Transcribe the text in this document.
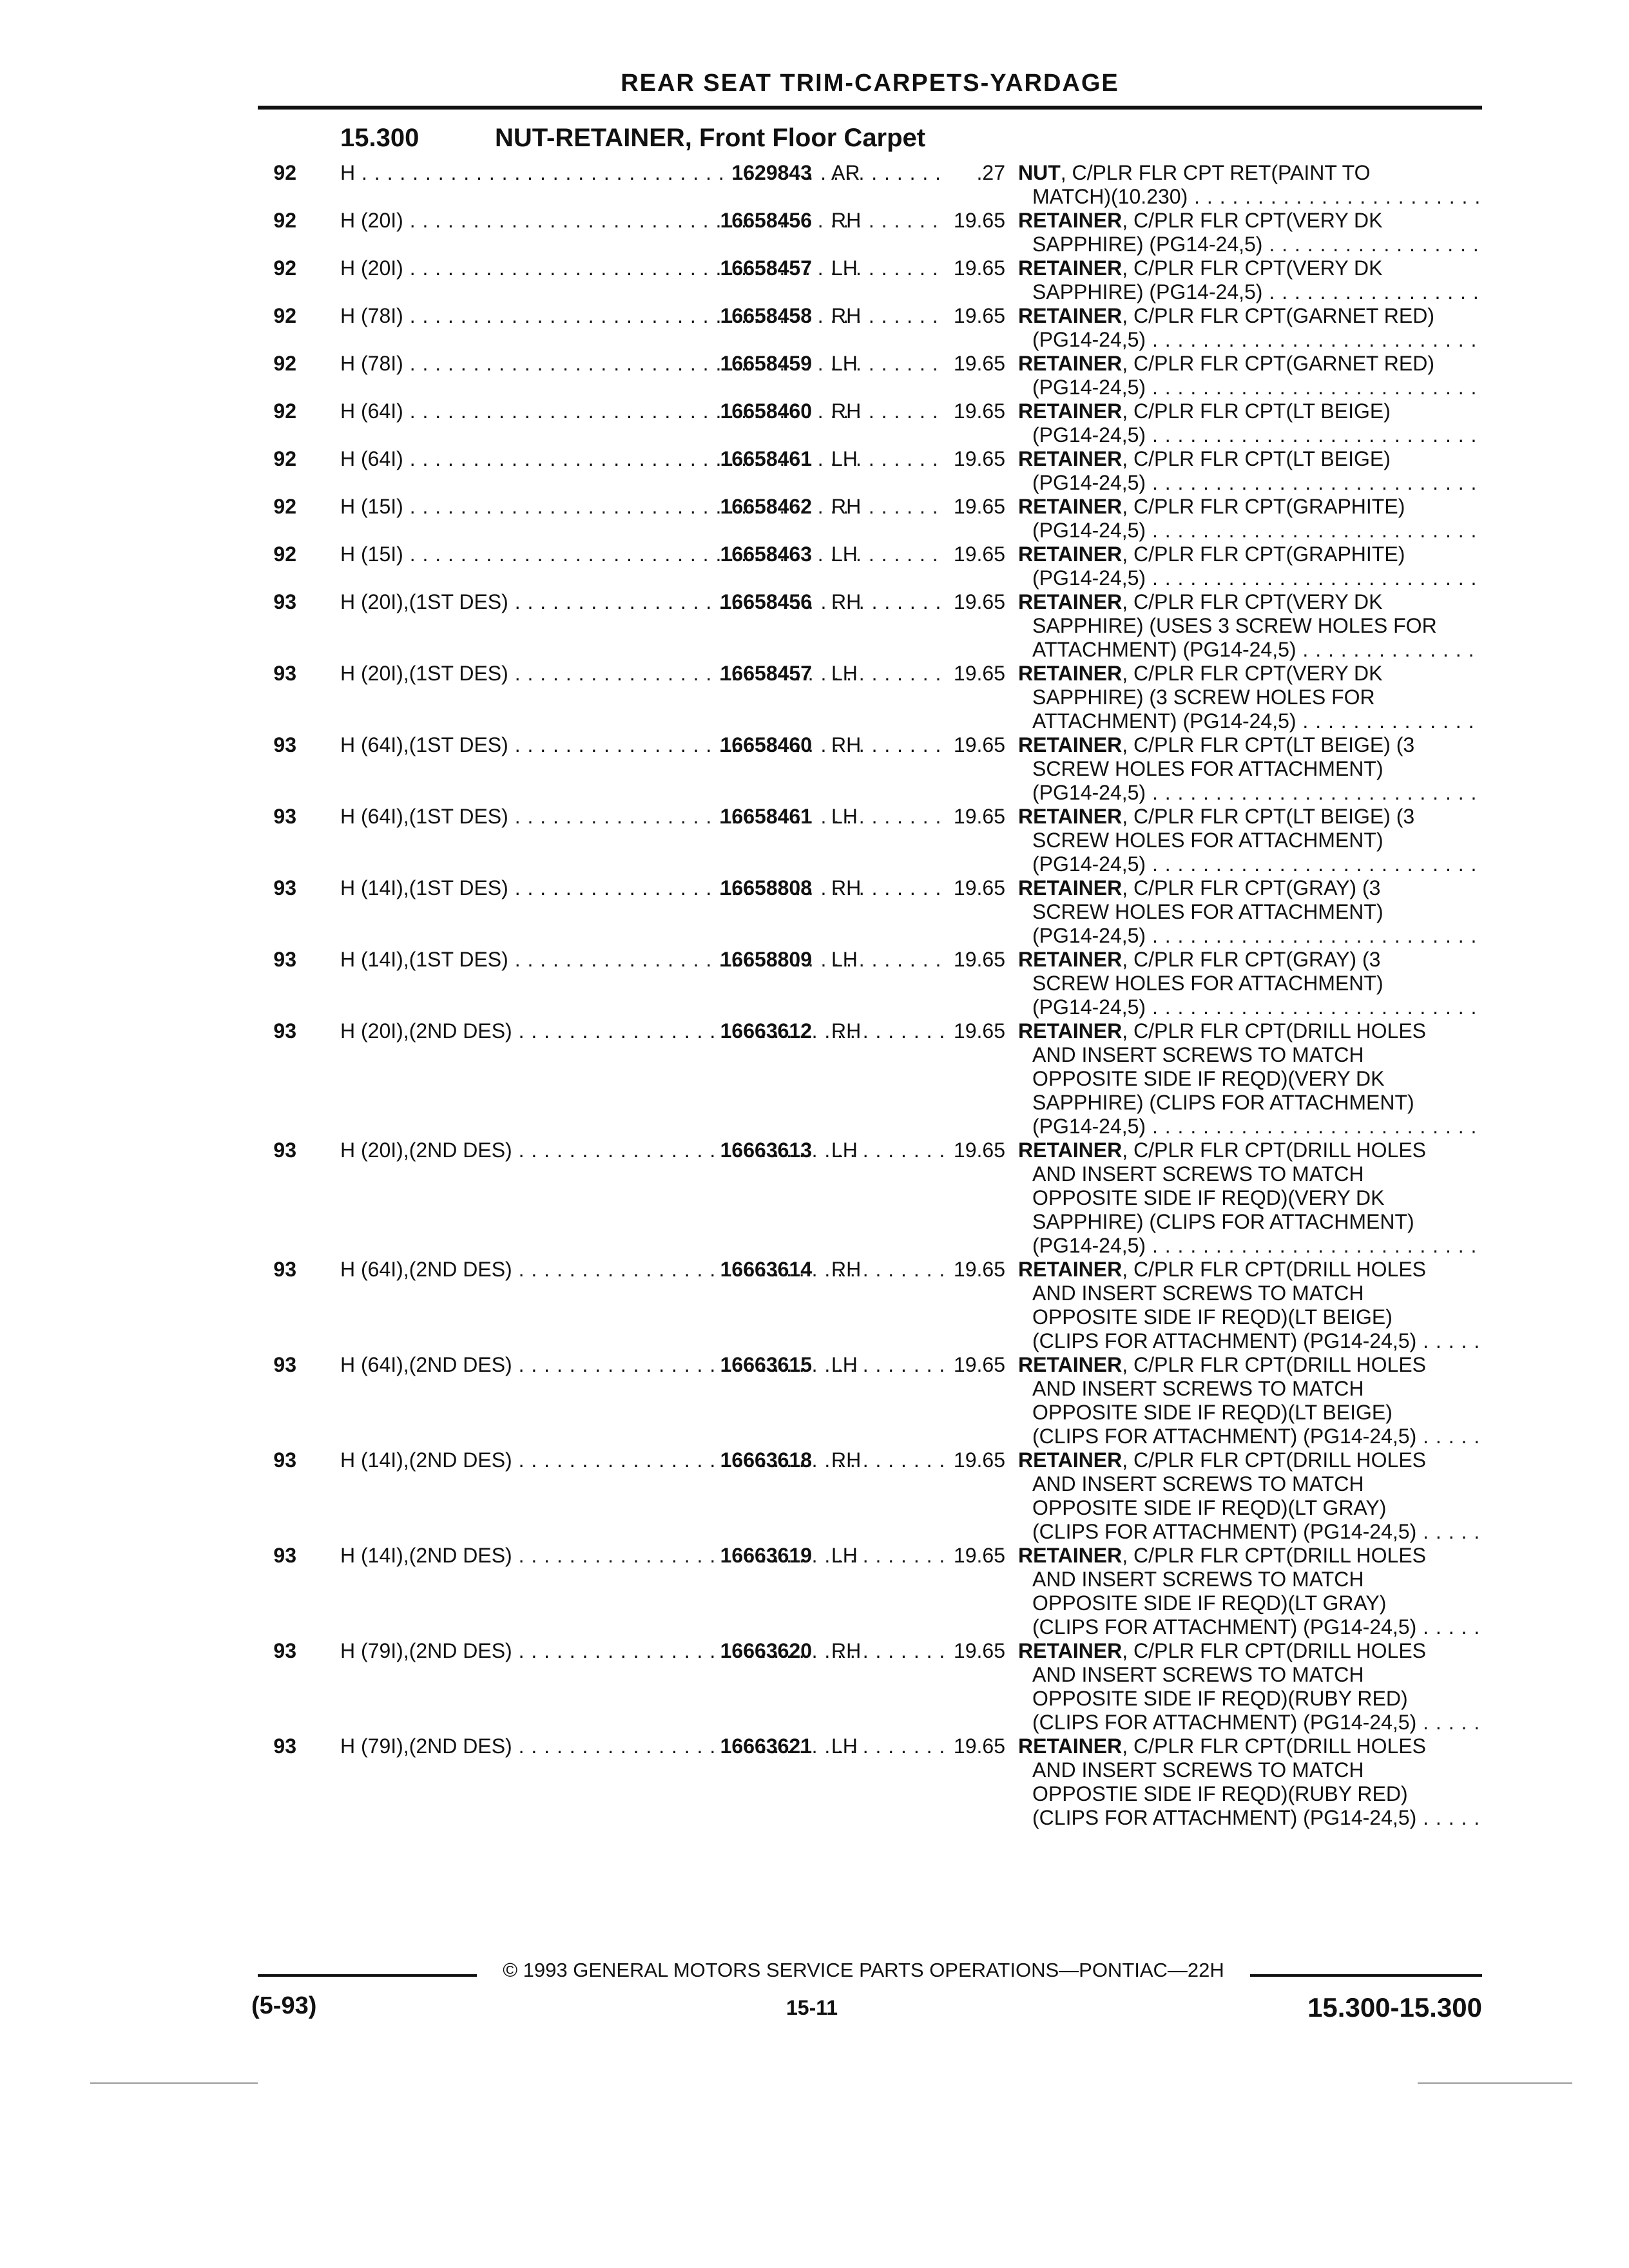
REAR SEAT TRIM-CARPETS-YARDAGE
15.300	NUT-RETAINER, Front Floor Carpet
92 H . . .	1629843 AR	.27 NUT, C/PLR FLR CPT RET(PAINT TO
MATCH)(10.230) . . .
92 H (20I) . . .	16658456 RH	19.65 RETAINER, C/PLR FLR CPT(VERY DK
SAPPHIRE) (PG14-24,5) . . .
92 H (20I) . . .	16658457 LH	19.65 RETAINER, C/PLR FLR CPT(VERY DK
SAPPHIRE) (PG14-24,5) . . .
92 H (78I) . . .	16658458 RH	19.65 RETAINER, C/PLR FLR CPT(GARNET RED)
(PG14-24,5) . . .
92 H (78I) . . .	16658459 LH	19.65 RETAINER, C/PLR FLR CPT(GARNET RED)
(PG14-24,5) . . .
92 H (64I) . . .	16658460 RH	19.65 RETAINER, C/PLR FLR CPT(LT BEIGE)
(PG14-24,5) . . .
92 H (64I) . . .	16658461 LH	19.65 RETAINER, C/PLR FLR CPT(LT BEIGE)
(PG14-24,5) . . .
92 H (15I) . . .	16658462 RH	19.65 RETAINER, C/PLR FLR CPT(GRAPHITE)
(PG14-24,5) . . .
92 H (15I) . . .	16658463 LH	19.65 RETAINER, C/PLR FLR CPT(GRAPHITE)
(PG14-24,5) . . .
93 H (20I),(1ST DES) . . .	16658456 RH	19.65 RETAINER, C/PLR FLR CPT(VERY DK
SAPPHIRE) (USES 3 SCREW HOLES FOR
ATTACHMENT) (PG14-24,5) . . .
93 H (20I),(1ST DES) . . .	16658457 LH	19.65 RETAINER, C/PLR FLR CPT(VERY DK
SAPPHIRE) (3 SCREW HOLES FOR
ATTACHMENT) (PG14-24,5) . . .
93 H (64I),(1ST DES) . . .	16658460 RH	19.65 RETAINER, C/PLR FLR CPT(LT BEIGE) (3
SCREW HOLES FOR ATTACHMENT)
(PG14-24,5) . . .
93 H (64I),(1ST DES) . . .	16658461 LH	19.65 RETAINER, C/PLR FLR CPT(LT BEIGE) (3
SCREW HOLES FOR ATTACHMENT)
(PG14-24,5) . . .
93 H (14I),(1ST DES) . . .	16658808 RH	19.65 RETAINER, C/PLR FLR CPT(GRAY) (3
SCREW HOLES FOR ATTACHMENT)
(PG14-24,5) . . .
93 H (14I),(1ST DES) . . .	16658809 LH	19.65 RETAINER, C/PLR FLR CPT(GRAY) (3
SCREW HOLES FOR ATTACHMENT)
(PG14-24,5) . . .
93 H (20I),(2ND DES) . . .	16663612 RH	19.65 RETAINER, C/PLR FLR CPT(DRILL HOLES
AND INSERT SCREWS TO MATCH
OPPOSITE SIDE IF REQD)(VERY DK
SAPPHIRE) (CLIPS FOR ATTACHMENT)
(PG14-24,5) . . .
93 H (20I),(2ND DES) . . .	16663613 LH	19.65 RETAINER, C/PLR FLR CPT(DRILL HOLES
AND INSERT SCREWS TO MATCH
OPPOSITE SIDE IF REQD)(VERY DK
SAPPHIRE) (CLIPS FOR ATTACHMENT)
(PG14-24,5) . . .
93 H (64I),(2ND DES) . . .	16663614 RH	19.65 RETAINER, C/PLR FLR CPT(DRILL HOLES
AND INSERT SCREWS TO MATCH
OPPOSITE SIDE IF REQD)(LT BEIGE)
(CLIPS FOR ATTACHMENT) (PG14-24,5) . . .
93 H (64I),(2ND DES) . . .	16663615 LH	19.65 RETAINER, C/PLR FLR CPT(DRILL HOLES
AND INSERT SCREWS TO MATCH
OPPOSITE SIDE IF REQD)(LT BEIGE)
(CLIPS FOR ATTACHMENT) (PG14-24,5) . . .
93 H (14I),(2ND DES) . . .	16663618 RH	19.65 RETAINER, C/PLR FLR CPT(DRILL HOLES
AND INSERT SCREWS TO MATCH
OPPOSITE SIDE IF REQD)(LT GRAY)
(CLIPS FOR ATTACHMENT) (PG14-24,5) . . .
93 H (14I),(2ND DES) . . .	16663619 LH	19.65 RETAINER, C/PLR FLR CPT(DRILL HOLES
AND INSERT SCREWS TO MATCH
OPPOSITE SIDE IF REQD)(LT GRAY)
(CLIPS FOR ATTACHMENT) (PG14-24,5) . . .
93 H (79I),(2ND DES) . . .	16663620 RH	19.65 RETAINER, C/PLR FLR CPT(DRILL HOLES
AND INSERT SCREWS TO MATCH
OPPOSITE SIDE IF REQD)(RUBY RED)
(CLIPS FOR ATTACHMENT) (PG14-24,5) . . .
93 H (79I),(2ND DES) . . .	16663621 LH	19.65 RETAINER, C/PLR FLR CPT(DRILL HOLES
AND INSERT SCREWS TO MATCH
OPPOSTIE SIDE IF REQD)(RUBY RED)
(CLIPS FOR ATTACHMENT) (PG14-24,5) . . .
© 1993 GENERAL MOTORS SERVICE PARTS OPERATIONS—PONTIAC—22H
(5-93)	15-11	15.300-15.300
